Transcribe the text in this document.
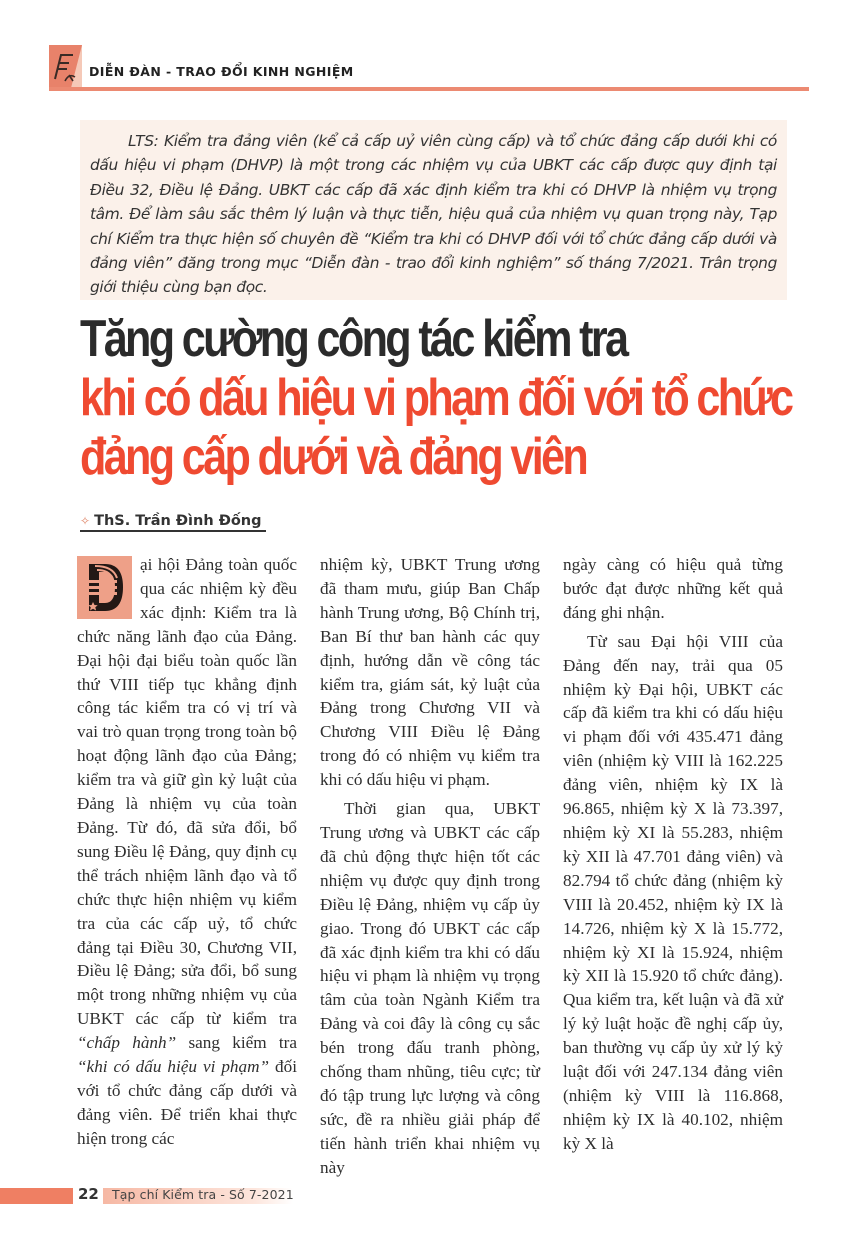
DIỄN ĐÀN - TRAO ĐỔI KINH NGHIỆM

LTS: Kiểm tra đảng viên (kể cả cấp uỷ viên cùng cấp) và tổ chức đảng cấp dưới khi có dấu hiệu vi phạm (DHVP) là một trong các nhiệm vụ của UBKT các cấp được quy định tại Điều 32, Điều lệ Đảng. UBKT các cấp đã xác định kiểm tra khi có DHVP là nhiệm vụ trọng tâm. Để làm sâu sắc thêm lý luận và thực tiễn, hiệu quả của nhiệm vụ quan trọng này, Tạp chí Kiểm tra thực hiện số chuyên đề “Kiểm tra khi có DHVP đối với tổ chức đảng cấp dưới và đảng viên” đăng trong mục “Diễn đàn - trao đổi kinh nghiệm” số tháng 7/2021. Trân trọng giới thiệu cùng bạn đọc.

Tăng cường công tác kiểm tra
khi có dấu hiệu vi phạm đối với tổ chức
đảng cấp dưới và đảng viên
✧ ThS. Trần Đình Đống

ại hội Đảng toàn quốc qua các nhiệm kỳ đều xác định: Kiểm tra là chức năng lãnh đạo của Đảng. Đại hội đại biểu toàn quốc lần thứ VIII tiếp tục khẳng định công tác kiểm tra có vị trí và vai trò quan trọng trong toàn bộ hoạt động lãnh đạo của Đảng; kiểm tra và giữ gìn kỷ luật của Đảng là nhiệm vụ của toàn Đảng. Từ đó, đã sửa đổi, bổ sung Điều lệ Đảng, quy định cụ thể trách nhiệm lãnh đạo và tổ chức thực hiện nhiệm vụ kiểm tra của các cấp uỷ, tổ chức đảng tại Điều 30, Chương VII, Điều lệ Đảng; sửa đổi, bổ sung một trong những nhiệm vụ của UBKT các cấp từ kiểm tra “chấp hành” sang kiểm tra “khi có dấu hiệu vi phạm” đối với tổ chức đảng cấp dưới và đảng viên. Để triển khai thực hiện trong các

nhiệm kỳ, UBKT Trung ương đã tham mưu, giúp Ban Chấp hành Trung ương, Bộ Chính trị, Ban Bí thư ban hành các quy định, hướng dẫn về công tác kiểm tra, giám sát, kỷ luật của Đảng trong Chương VII và Chương VIII Điều lệ Đảng trong đó có nhiệm vụ kiểm tra khi có dấu hiệu vi phạm.

Thời gian qua, UBKT Trung ương và UBKT các cấp đã chủ động thực hiện tốt các nhiệm vụ được quy định trong Điều lệ Đảng, nhiệm vụ cấp ủy giao. Trong đó UBKT các cấp đã xác định kiểm tra khi có dấu hiệu vi phạm là nhiệm vụ trọng tâm của toàn Ngành Kiểm tra Đảng và coi đây là công cụ sắc bén trong đấu tranh phòng, chống tham nhũng, tiêu cực; từ đó tập trung lực lượng và công sức, đề ra nhiều giải pháp để tiến hành triển khai nhiệm vụ này

ngày càng có hiệu quả từng bước đạt được những kết quả đáng ghi nhận.

Từ sau Đại hội VIII của Đảng đến nay, trải qua 05 nhiệm kỳ Đại hội, UBKT các cấp đã kiểm tra khi có dấu hiệu vi phạm đối với 435.471 đảng viên (nhiệm kỳ VIII là 162.225 đảng viên, nhiệm kỳ IX là 96.865, nhiệm kỳ X là 73.397, nhiệm kỳ XI là 55.283, nhiệm kỳ XII là 47.701 đảng viên) và 82.794 tổ chức đảng (nhiệm kỳ VIII là 20.452, nhiệm kỳ IX là 14.726, nhiệm kỳ X là 15.772, nhiệm kỳ XI là 15.924, nhiệm kỳ XII là 15.920 tổ chức đảng). Qua kiểm tra, kết luận và đã xử lý kỷ luật hoặc đề nghị cấp ủy, ban thường vụ cấp ủy xử lý kỷ luật đối với 247.134 đảng viên (nhiệm kỳ VIII là 116.868, nhiệm kỳ IX là 40.102, nhiệm kỳ X là

22 Tạp chí Kiểm tra - Số 7-2021
